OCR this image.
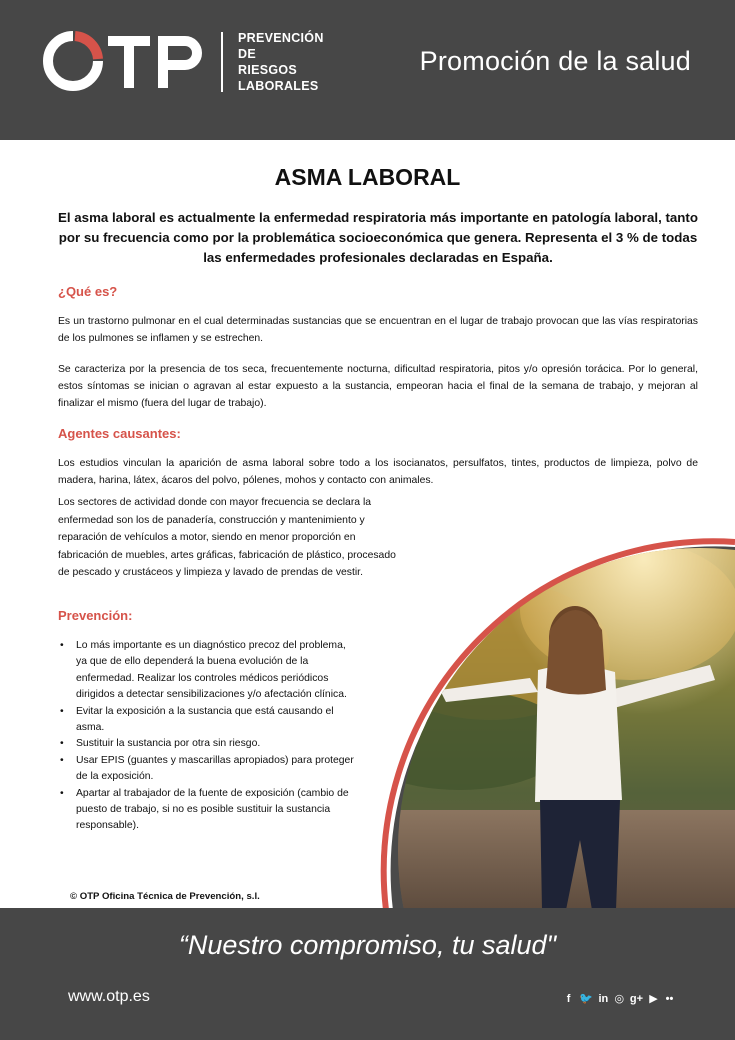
PREVENCIÓN
DE
RIESGOS
LABORALES
Promoción de la salud
ASMA LABORAL
El asma laboral es actualmente la enfermedad respiratoria más importante en patología laboral, tanto por su frecuencia como por la problemática socioeconómica que genera. Representa el 3 % de todas las enfermedades profesionales declaradas en España.
¿Qué es?
Es un trastorno pulmonar en el cual determinadas sustancias que se encuentran en el lugar de trabajo provocan que las vías respiratorias de los pulmones se inflamen y se estrechen.
Se caracteriza por la presencia de tos seca, frecuentemente nocturna, dificultad respiratoria, pitos y/o opresión torácica. Por lo general, estos síntomas se inician o agravan al estar expuesto a la sustancia, empeoran hacia el final de la semana de trabajo, y mejoran al finalizar el mismo (fuera del lugar de trabajo).
Agentes causantes:
Los estudios vinculan la aparición de asma laboral sobre todo a los isocianatos, persulfatos, tintes, productos de limpieza, polvo de madera, harina, látex, ácaros del polvo, pólenes, mohos y contacto con animales.
Los sectores de actividad donde con mayor frecuencia se declara la enfermedad son los de panadería, construcción y mantenimiento y reparación de vehículos a motor, siendo en menor proporción en fabricación de muebles, artes gráficas, fabricación de plástico, procesado de pescado y crustáceos y limpieza y lavado de prendas de vestir.
Prevención:
• Lo más importante es un diagnóstico precoz del problema, ya que de ello dependerá la buena evolución de la enfermedad. Realizar los controles médicos periódicos dirigidos a detectar sensibilizaciones y/o afectación clínica.
• Evitar la exposición a la sustancia que está causando el asma.
• Sustituir la sustancia por otra sin riesgo.
• Usar EPIS (guantes y mascarillas apropiados) para proteger de la exposición.
• Apartar al trabajador de la fuente de exposición (cambio de puesto de trabajo, si no es posible sustituir la sustancia responsable).
© OTP Oficina Técnica de Prevención, s.l.
“Nuestro compromiso, tu salud"
www.otp.es	f 🐦 in ◎ g+ ▶ ••
